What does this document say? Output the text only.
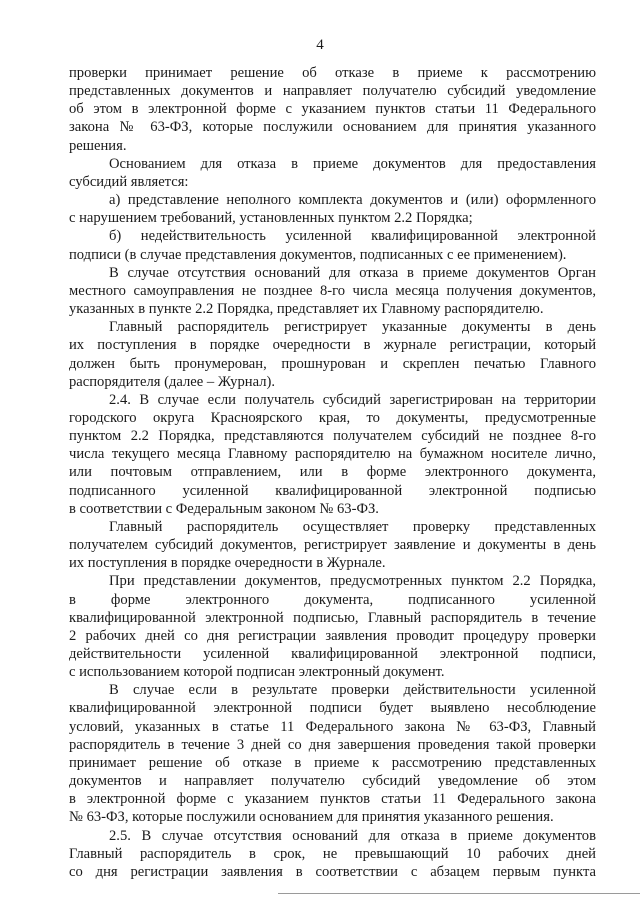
4

проверки принимает решение об отказе в приеме к рассмотрению

представленных документов и направляет получателю субсидий уведомление

об этом в электронной форме с указанием пунктов статьи 11 Федерального

закона № 63-ФЗ, которые послужили основанием для принятия указанного

решения.

Основанием для отказа в приеме документов для предоставления

субсидий является:

а) представление неполного комплекта документов и (или) оформленного

с нарушением требований, установленных пунктом 2.2 Порядка;

б) недействительность усиленной квалифицированной электронной

подписи (в случае представления документов, подписанных с ее применением).

В случае отсутствия оснований для отказа в приеме документов Орган

местного самоуправления не позднее 8-го числа месяца получения документов,

указанных в пункте 2.2 Порядка, представляет их Главному распорядителю.

Главный распорядитель регистрирует указанные документы в день

их поступления в порядке очередности в журнале регистрации, который

должен быть пронумерован, прошнурован и скреплен печатью Главного

распорядителя (далее – Журнал).

2.4. В случае если получатель субсидий зарегистрирован на территории

городского округа Красноярского края, то документы, предусмотренные

пунктом 2.2 Порядка, представляются получателем субсидий не позднее 8-го

числа текущего месяца Главному распорядителю на бумажном носителе лично,

или почтовым отправлением, или в форме электронного документа,

подписанного усиленной квалифицированной электронной подписью

в соответствии с Федеральным законом № 63-ФЗ.

Главный распорядитель осуществляет проверку представленных

получателем субсидий документов, регистрирует заявление и документы в день

их поступления в порядке очередности в Журнале.

При представлении документов, предусмотренных пунктом 2.2 Порядка,

в форме электронного документа, подписанного усиленной

квалифицированной электронной подписью, Главный распорядитель в течение

2 рабочих дней со дня регистрации заявления проводит процедуру проверки

действительности усиленной квалифицированной электронной подписи,

с использованием которой подписан электронный документ.

В случае если в результате проверки действительности усиленной

квалифицированной электронной подписи будет выявлено несоблюдение

условий, указанных в статье 11 Федерального закона № 63-ФЗ, Главный

распорядитель в течение 3 дней со дня завершения проведения такой проверки

принимает решение об отказе в приеме к рассмотрению представленных

документов и направляет получателю субсидий уведомление об этом

в электронной форме с указанием пунктов статьи 11 Федерального закона

№ 63-ФЗ, которые послужили основанием для принятия указанного решения.

2.5. В случае отсутствия оснований для отказа в приеме документов

Главный распорядитель в срок, не превышающий 10 рабочих дней

со дня регистрации заявления в соответствии с абзацем первым пункта
